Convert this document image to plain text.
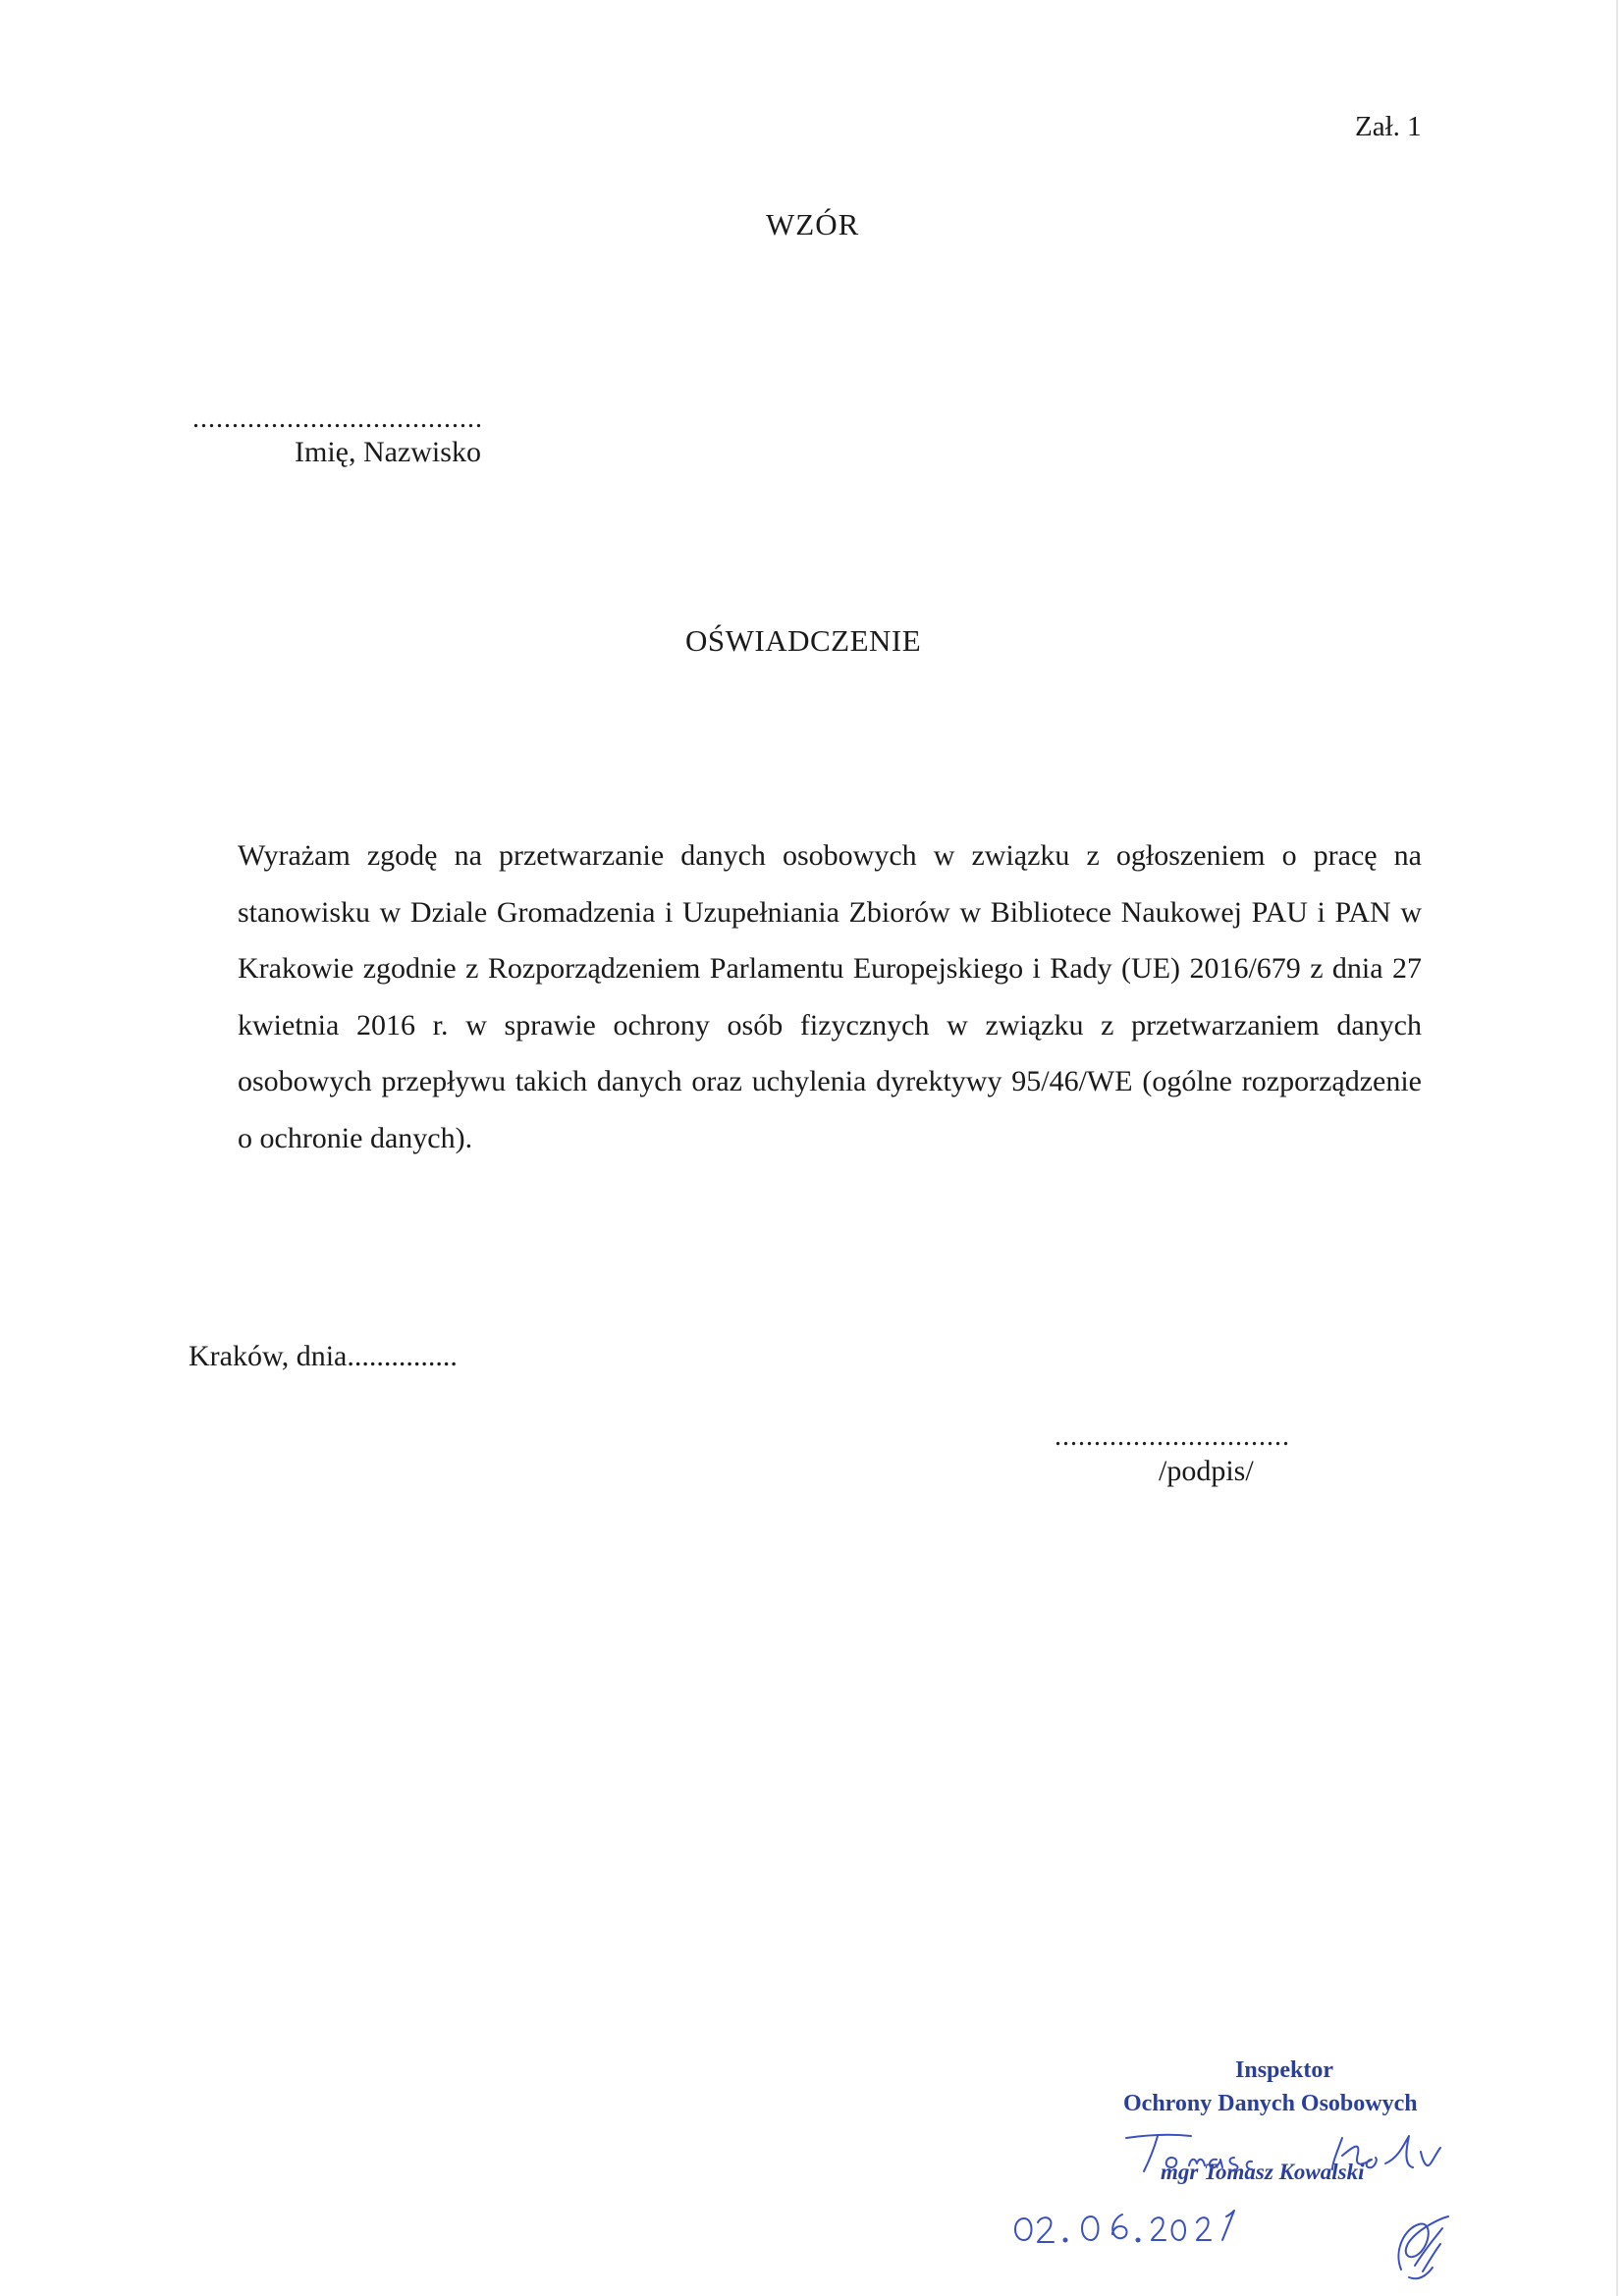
Zał. 1
WZÓR
.....................................
Imię, Nazwisko
OŚWIADCZENIE
Wyrażam zgodę na przetwarzanie danych osobowych w związku z ogłoszeniem o pracę na stanowisku w Dziale Gromadzenia i Uzupełniania Zbiorów w Bibliotece Naukowej PAU i PAN w Krakowie zgodnie z Rozporządzeniem Parlamentu Europejskiego i Rady (UE) 2016/679 z dnia 27 kwietnia 2016 r. w sprawie ochrony osób fizycznych w związku z przetwarzaniem danych osobowych przepływu takich danych oraz uchylenia dyrektywy 95/46/WE (ogólne rozporządzenie o ochronie danych).
Kraków, dnia...............
..............................
/podpis/
Inspektor
Ochrony Danych Osobowych
mgr Tomasz Kowalski
